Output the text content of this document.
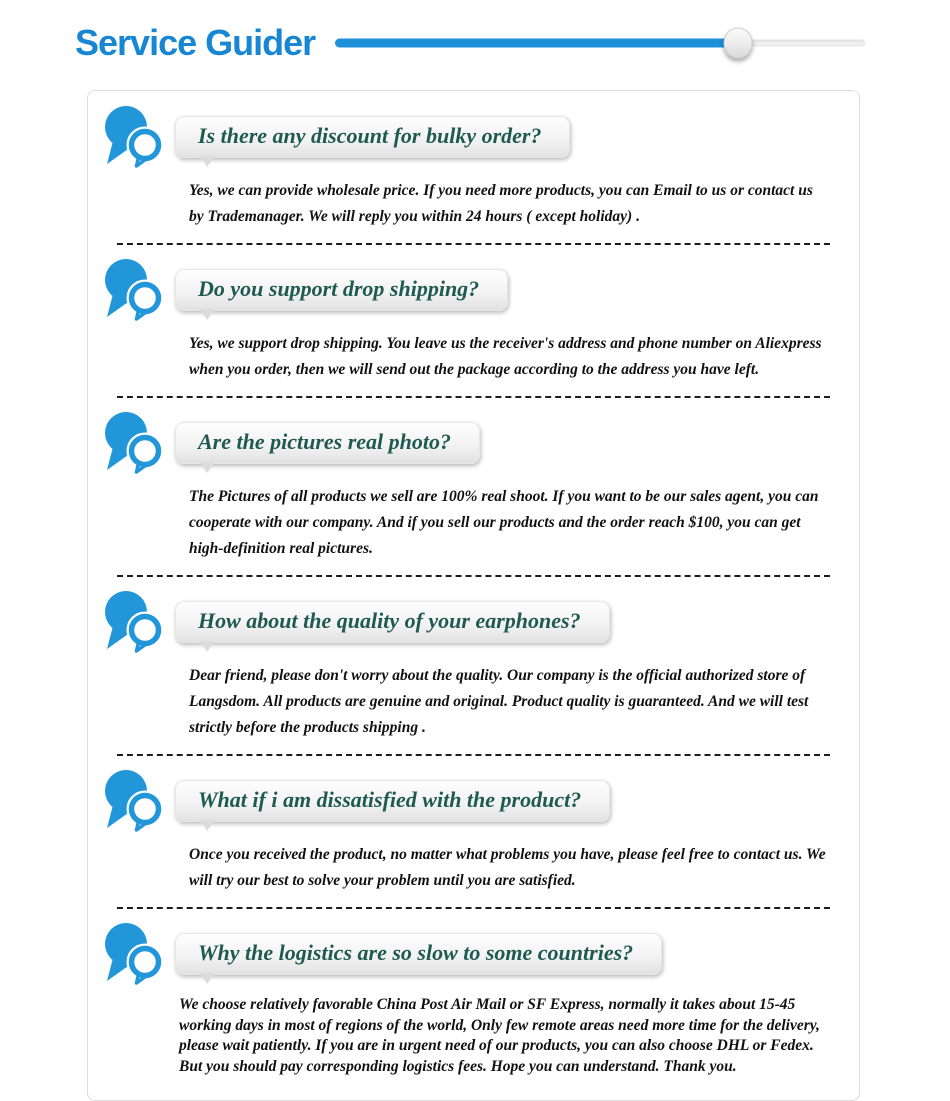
Service Guider
Is there any discount for bulky order?

Yes, we can provide wholesale price. If you need more products, you can Email to us or contact us by Trademanager. We will reply you within 24 hours ( except holiday) .

Do you support drop shipping?

Yes, we support drop shipping. You leave us the receiver's address and phone number on Aliexpress when you order, then we will send out the package according to the address you have left.

Are the pictures real photo?

The Pictures of all products we sell are 100% real shoot. If you want to be our sales agent, you can cooperate with our company. And if you sell our products and the order reach $100, you can get high-definition real pictures.

How about the quality of your earphones?

Dear friend, please don't worry about the quality. Our company is the official authorized store of Langsdom. All products are genuine and original. Product quality is guaranteed. And we will test strictly before the products shipping .

What if i am dissatisfied with the product?

Once you received the product, no matter what problems you have, please feel free to contact us. We will try our best to solve your problem until you are satisfied.

Why the logistics are so slow to some countries?

We choose relatively favorable China Post Air Mail or SF Express, normally it takes about 15-45 working days in most of regions of the world, Only few remote areas need more time for the delivery, please wait patiently. If you are in urgent need of our products, you can also choose DHL or Fedex. But you should pay corresponding logistics fees. Hope you can understand. Thank you.
